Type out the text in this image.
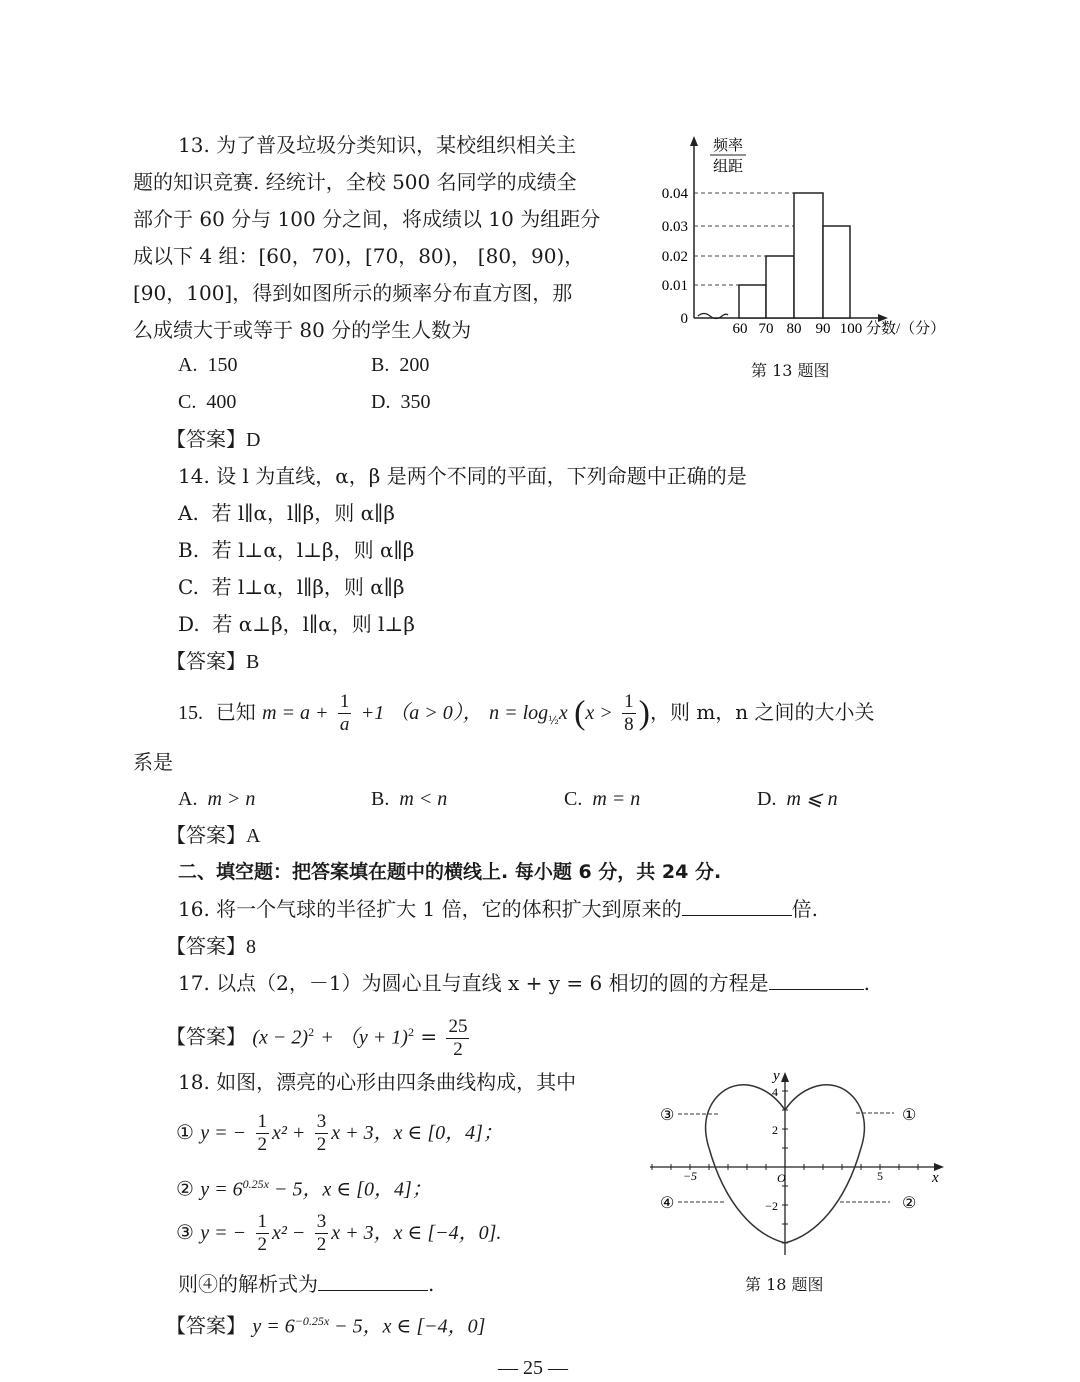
13. 为了普及垃圾分类知识，某校组织相关主
题的知识竞赛. 经统计，全校 500 名同学的成绩全
部介于 60 分与 100 分之间，将成绩以 10 为组距分
成以下 4 组：[60，70)，[70，80)， [80，90)，
[90，100]，得到如图所示的频率分布直方图，那
么成绩大于或等于 80 分的学生人数为
A. 150	B. 200
C. 400	D. 350
【答案】D
频率
组距
0.04
0.03
0.02
0.01
0
60 70 80 90 100 分数/（分）
第 13 题图
14. 设 l 为直线，α，β 是两个不同的平面，下列命题中正确的是
A. 若 l∥α，l∥β，则 α∥β
B. 若 l⊥α，l⊥β，则 α∥β
C. 若 l⊥α，l∥β，则 α∥β
D. 若 α⊥β，l∥α，则 l⊥β
【答案】B
15. 已知 $m = a + \frac{1}{a} +1$ （a > 0）， $n = \log_{\frac{1}{2}}x$ ($x > \frac{1}{8}$ )，则 m，n 之间的大小关
系是
A. m > n	B. m < n	C. m = n	D. m ⩽ n
【答案】A
二、填空题：把答案填在题中的横线上. 每小题 6 分，共 24 分.
16. 将一个气球的半径扩大 1 倍，它的体积扩大到原来的	倍.
【答案】8
17. 以点（2，－1）为圆心且与直线 x + y = 6 相切的圆的方程是	.
【答案】 $(x - 2)^2 + (y + 1)^2 = \frac{25}{2}$
18. 如图，漂亮的心形由四条曲线构成，其中
① y = − $\frac{1}{2} x^2 + \frac{3}{2}$ x + 3，x ∈ [0，4]；
② $y = 6^{0.25x} - 5$，x ∈ [0，4]；
③ y = − $\frac{1}{2} x^2 - \frac{3}{2}$ x + 3，x ∈ [−4，0].
则④的解析式为	.
【答案】 $y = 6^{-0.25x} - 5$，x ∈ [−4，0]
−5	5
O	x
y
4
2
−2
③	①
④	②
第 18 题图
— 25 —
